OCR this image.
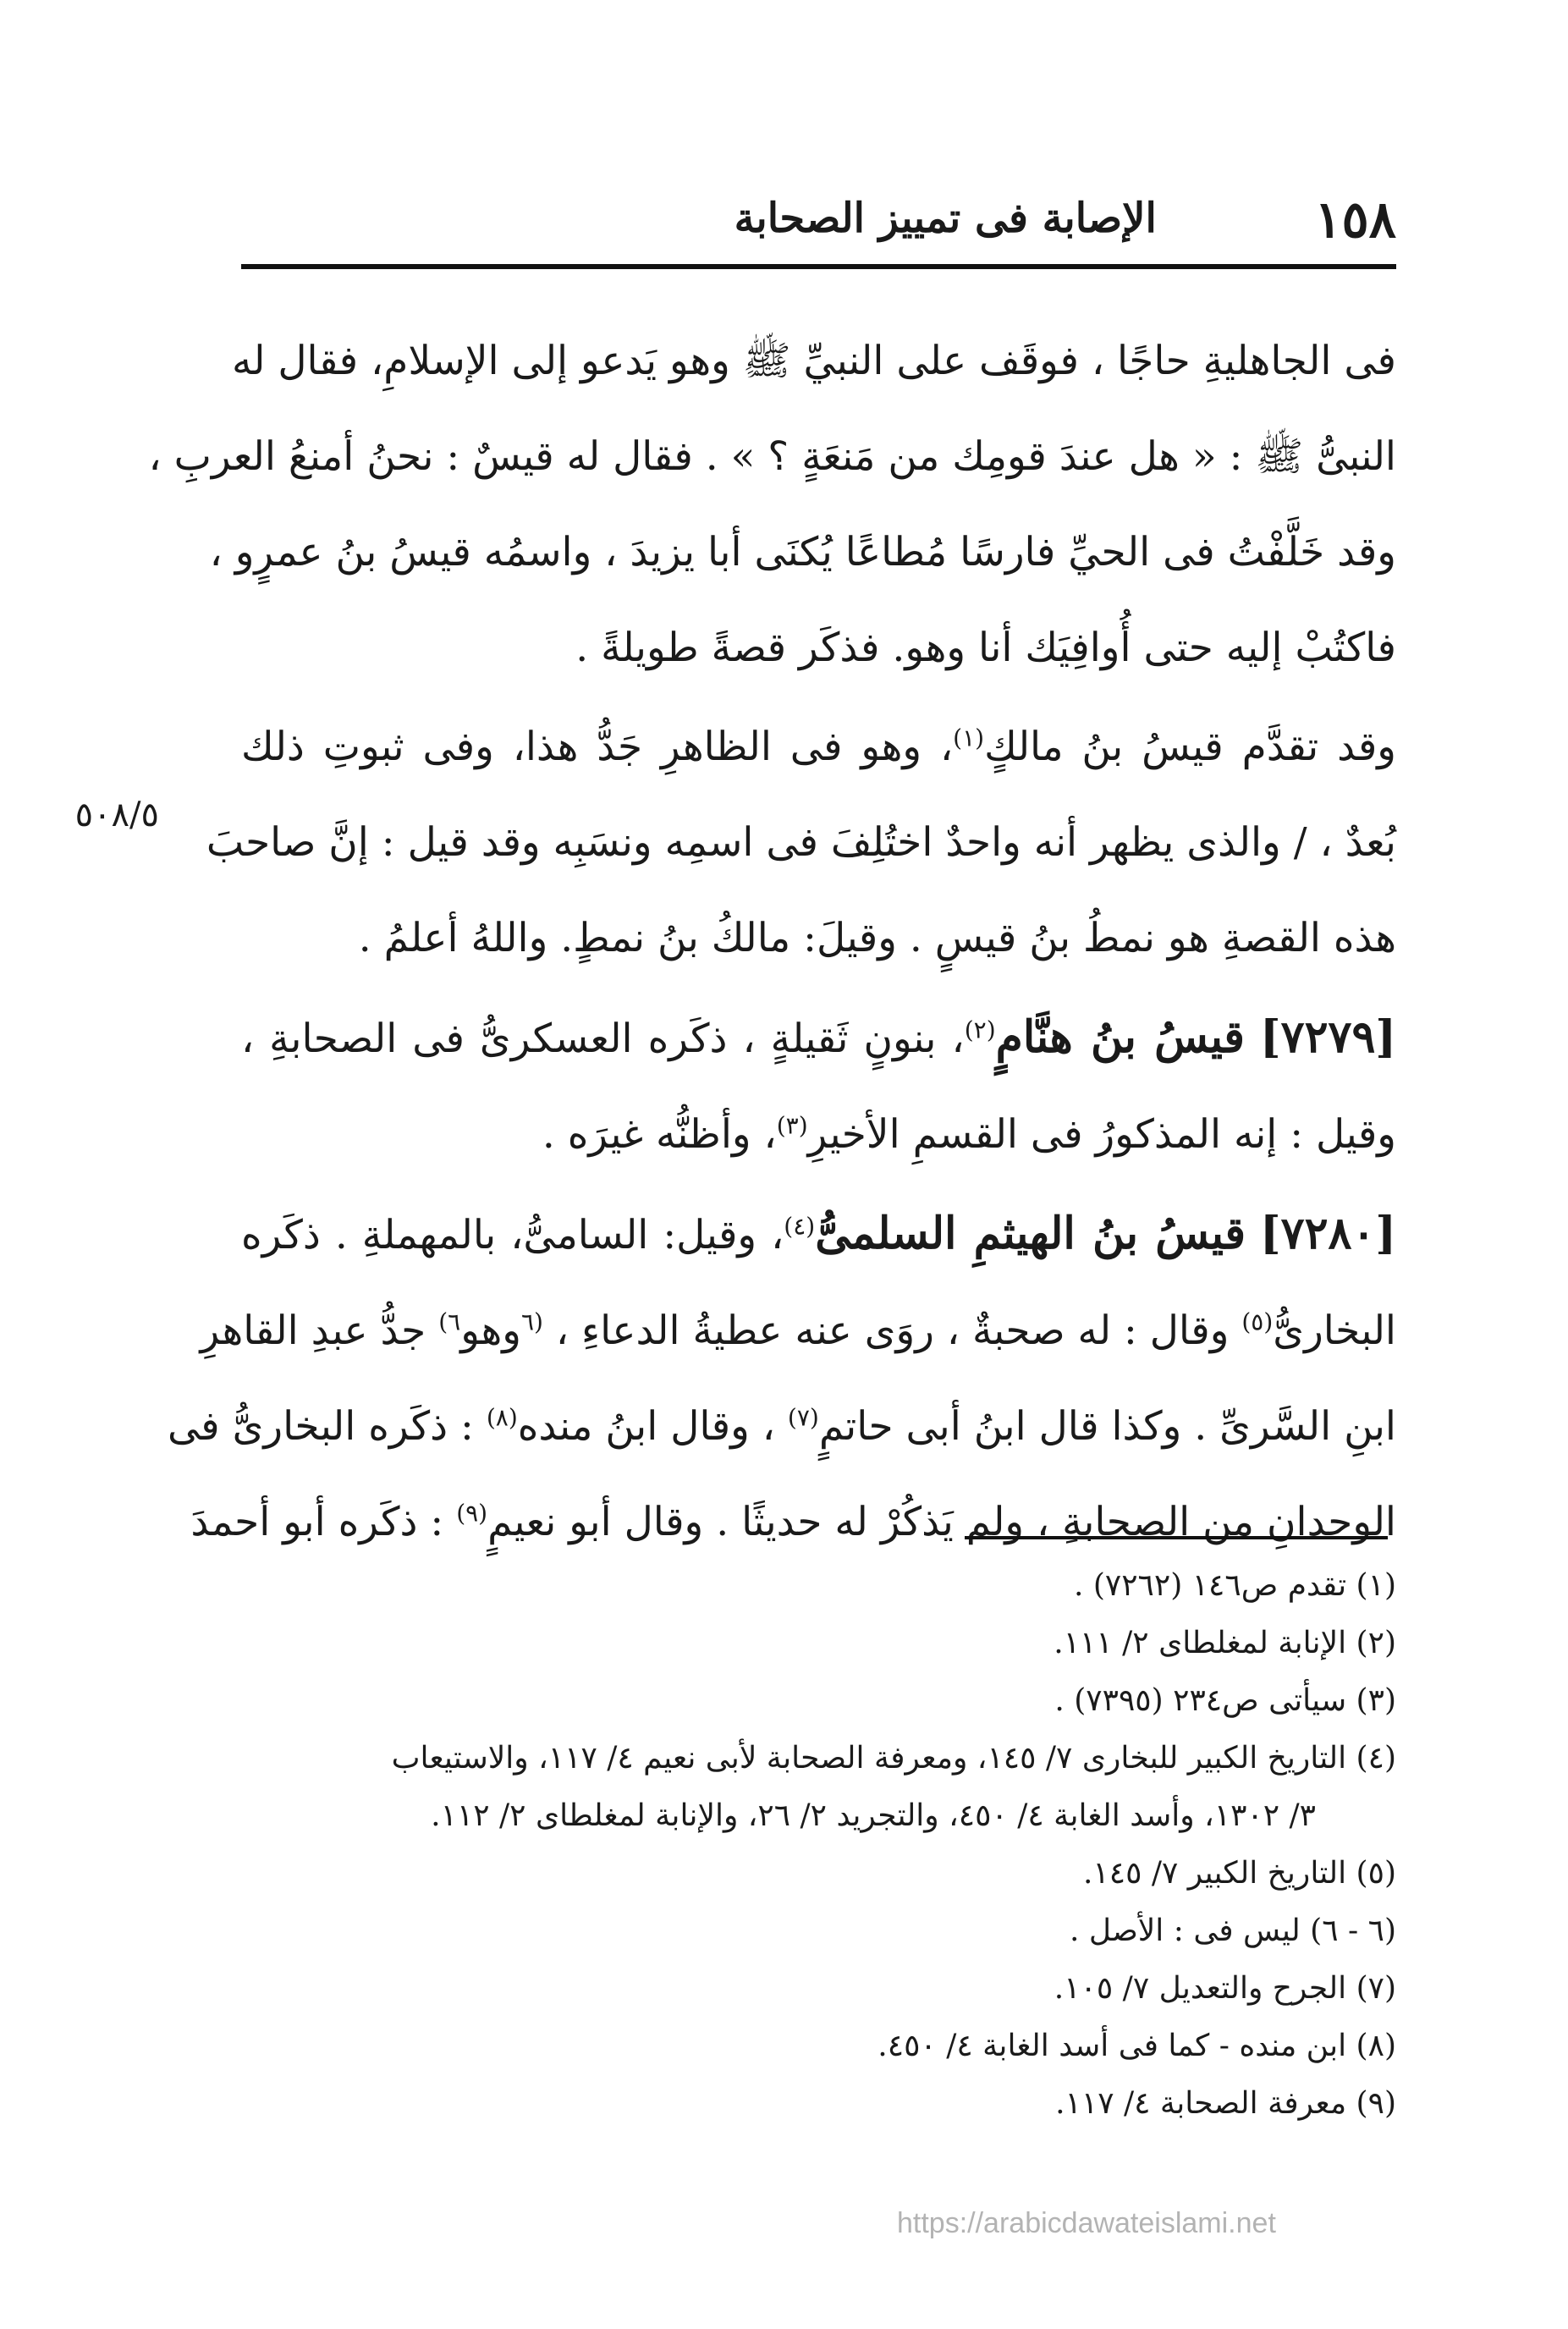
١٥٨
الإصابة فى تمييز الصحابة
٥٠٨/٥
فى الجاهليةِ حاجًا ، فوقَف على النبيِّ ﷺ وهو يَدعو إلى الإسلامِ، فقال له
النبىُّ ﷺ : « هل عندَ قومِك من مَنعَةٍ ؟ » . فقال له قيسٌ : نحنُ أمنعُ العربِ ،
وقد خَلَّفْتُ فى الحيِّ فارسًا مُطاعًا يُكنَى أبا يزيدَ ، واسمُه قيسُ بنُ عمرٍو ،
فاكتُبْ إليه حتى أُوافِيَك أنا وهو. فذكَر قصةً طويلةً .
وقد تقدَّم قيسُ بنُ مالكٍ$^{(١)}$، وهو فى الظاهرِ جَدُّ هذا، وفى ثبوتِ ذلك
بُعدٌ ، / والذى يظهر أنه واحدٌ اختُلِفَ فى اسمِه ونسَبِه وقد قيل : إنَّ صاحبَ
هذه القصةِ هو نمطُ بنُ قيسٍ . وقيلَ: مالكُ بنُ نمطٍ. واللهُ أعلمُ .
[٧٢٧٩] قيسُ بنُ هنَّامٍ$^{(٢)}$، بنونٍ ثَقيلةٍ ، ذكَره العسكرىُّ فى الصحابةِ ،
وقيل : إنه المذكورُ فى القسمِ الأخيرِ$^{(٣)}$، وأظنُّه غيرَه .
[٧٢٨٠] قيسُ بنُ الهيثمِ السلمىُّ$^{(٤)}$، وقيل: السامىُّ، بالمهملةِ . ذكَره
البخارىُّ$^{(٥)}$ وقال : له صحبةٌ ، روَى عنه عطيةُ الدعاءِ ، $^{(٦}$وهو$^{٦)}$ جدُّ عبدِ القاهرِ
ابنِ السَّرىِّ . وكذا قال ابنُ أبى حاتمٍ$^{(٧)}$ ، وقال ابنُ منده$^{(٨)}$ : ذكَره البخارىُّ فى
الوحدانِ من الصحابةِ ، ولم يَذكُرْ له حديثًا . وقال أبو نعيمٍ$^{(٩)}$ : ذكَره أبو أحمدَ
(١) تقدم ص١٤٦ (٧٢٦٢) .
(٢) الإنابة لمغلطاى ٢/ ١١١.
(٣) سيأتى ص٢٣٤ (٧٣٩٥) .
(٤) التاريخ الكبير للبخارى ٧/ ١٤٥، ومعرفة الصحابة لأبى نعيم ٤/ ١١٧، والاستيعاب
٣/ ١٣٠٢، وأسد الغابة ٤/ ٤٥٠، والتجريد ٢/ ٢٦، والإنابة لمغلطاى ٢/ ١١٢.
(٥) التاريخ الكبير ٧/ ١٤٥.
(٦ - ٦) ليس فى : الأصل .
(٧) الجرح والتعديل ٧/ ١٠٥.
(٨) ابن منده - كما فى أسد الغابة ٤/ ٤٥٠.
(٩) معرفة الصحابة ٤/ ١١٧.
https://arabicdawateislami.net
